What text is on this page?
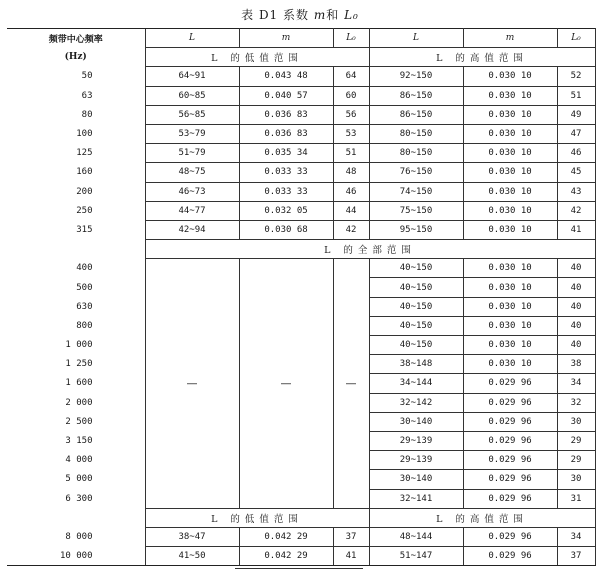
表 D1 系数 m和 L₀
频带中心频率	L	m	L₀	L	m	L₀
(Hz)	L 的低值范围			L 的高值范围		
50	64~91	0.043 48	64	92~150	0.030 10	52
63	60~85	0.040 57	60	86~150	0.030 10	51
80	56~85	0.036 83	56	86~150	0.030 10	49
100	53~79	0.036 83	53	80~150	0.030 10	47
125	51~79	0.035 34	51	80~150	0.030 10	46
160	48~75	0.033 33	48	76~150	0.030 10	45
200	46~73	0.033 33	46	74~150	0.030 10	43
250	44~77	0.032 05	44	75~150	0.030 10	42
315	42~94	0.030 68	42	95~150	0.030 10	41
	L 的全部范围					
400	—	—	—	40~150	0.030 10	40
500				40~150	0.030 10	40
630				40~150	0.030 10	40
800				40~150	0.030 10	40
1 000				40~150	0.030 10	40
1 250				38~148	0.030 10	38
1 600				34~144	0.029 96	34
2 000				32~142	0.029 96	32
2 500				30~140	0.029 96	30
3 150				29~139	0.029 96	29
4 000				29~139	0.029 96	29
5 000				30~140	0.029 96	30
6 300				32~141	0.029 96	31
	L 的低值范围			L 的高值范围		
8 000	38~47	0.042 29	37	48~144	0.029 96	34
10 000	41~50	0.042 29	41	51~147	0.029 96	37
